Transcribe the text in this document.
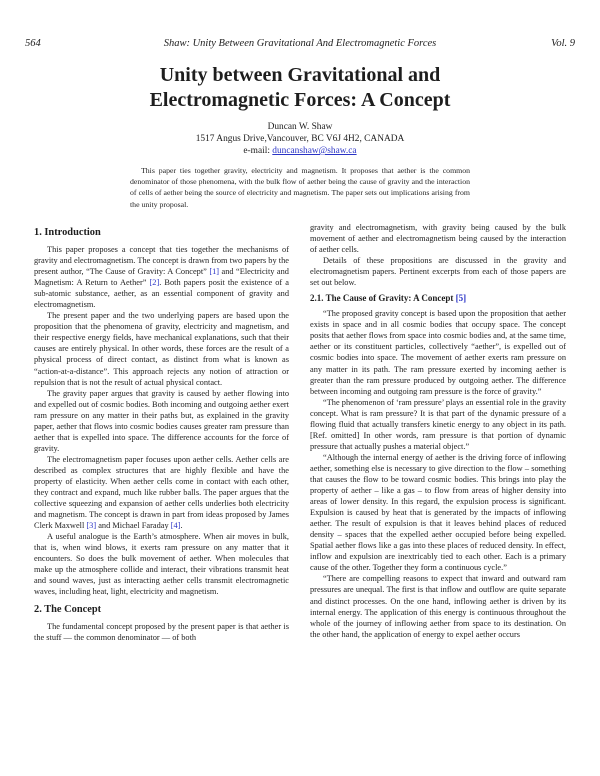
564	Shaw: Unity Between Gravitational And Electromagnetic Forces	Vol. 9
Unity between Gravitational and
Electromagnetic Forces: A Concept
Duncan W. Shaw
1517 Angus Drive,Vancouver, BC V6J 4H2, CANADA
e-mail: duncanshaw@shaw.ca
This paper ties together gravity, electricity and magnetism. It proposes that aether is the common denominator of those phenomena, with the bulk flow of aether being the cause of gravity and the interaction of cells of aether being the source of electricity and magnetism. The paper sets out implications arising from the unity proposal.
1. Introduction

This paper proposes a concept that ties together the mechanisms of gravity and electromagnetism. The concept is drawn from two papers by the present author, “The Cause of Gravity: A Concept” [1] and “Electricity and Magnetism: A Return to Aether” [2]. Both papers posit the existence of a sub-atomic substance, aether, as an essential component of gravity and electromagnetism.

The present paper and the two underlying papers are based upon the proposition that the phenomena of gravity, electricity and magnetism, and their respective energy fields, have mechanical explanations, such that their causes are entirely physical. In other words, these forces are the result of a physical process of direct contact, as distinct from what is known as “action-at-a-distance”. This approach rejects any notion of attraction or repulsion that is not the result of actual physical contact.

The gravity paper argues that gravity is caused by aether flowing into and expelled out of cosmic bodies. Both incoming and outgoing aether exert ram pressure on any matter in their paths but, as explained in the gravity paper, aether that flows into cosmic bodies causes greater ram pressure than aether that is expelled into space. The difference accounts for the force of gravity.

The electromagnetism paper focuses upon aether cells. Aether cells are described as complex structures that are highly flexible and have the property of elasticity. When aether cells come in contact with each other, they contract and expand, much like rubber balls. The paper argues that the collective squeezing and expansion of aether cells underlies both electricity and magnetism. The concept is drawn in part from ideas proposed by James Clerk Maxwell [3] and Michael Faraday [4].

A useful analogue is the Earth’s atmosphere. When air moves in bulk, that is, when wind blows, it exerts ram pressure on any matter that it encounters. So does the bulk movement of aether. When molecules that make up the atmosphere collide and interact, their vibrations transmit heat and sound waves, just as interacting aether cells transmit electromagnetic waves, including heat, light, electricity and magnetism.

2. The Concept

The fundamental concept proposed by the present paper is that aether is the stuff — the common denominator — of both

gravity and electromagnetism, with gravity being caused by the bulk movement of aether and electromagnetism being caused by the interaction of aether cells.

Details of these propositions are discussed in the gravity and electromagnetism papers. Pertinent excerpts from each of those papers are set out below.

2.1. The Cause of Gravity: A Concept [5]

“The proposed gravity concept is based upon the proposition that aether exists in space and in all cosmic bodies that occupy space. The concept posits that aether flows from space into cosmic bodies and, at the same time, aether or its constituent particles, collectively “aether”, is expelled out of cosmic bodies into space. The movement of aether exerts ram pressure on any matter in its path. The ram pressure exerted by incoming aether is greater than the ram pressure produced by outgoing aether. The difference between incoming and outgoing ram pressure is the force of gravity.”

“The phenomenon of ‘ram pressure’ plays an essential role in the gravity concept. What is ram pressure? It is that part of the dynamic pressure of a flowing fluid that actually transfers kinetic energy to any object in its path. [Ref. omitted] In other words, ram pressure is that portion of dynamic pressure that actually pushes a material object.”

“Although the internal energy of aether is the driving force of inflowing aether, something else is necessary to give direction to the flow – something that causes the flow to be toward cosmic bodies. This brings into play the property of aether – like a gas – to flow from areas of higher density into areas of lower density. In this regard, the expulsion process is significant. Expulsion is caused by heat that is generated by the impacts of inflowing aether. The result of expulsion is that it leaves behind places of reduced density – spaces that the expelled aether occupied before being expelled. Spatial aether flows like a gas into these places of reduced density. In effect, inflow and expulsion are inextricably tied to each other. Each is a primary cause of the other. Together they form a continuous cycle.”

“There are compelling reasons to expect that inward and outward ram pressures are unequal. The first is that inflow and outflow are quite separate and distinct processes. On the one hand, inflowing aether is driven by its internal energy. The application of this energy is continuous throughout the whole of the journey of inflowing aether from space to its destination. On the other hand, the application of energy to expel aether occurs
